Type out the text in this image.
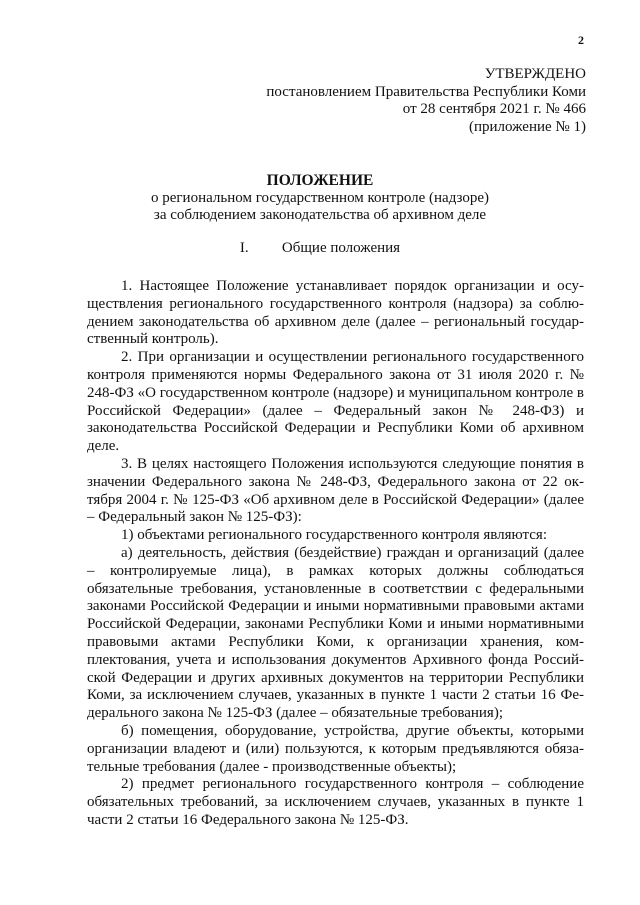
2
УТВЕРЖДЕНО
постановлением Правительства Республики Коми
от 28 сентября 2021 г. № 466
(приложение № 1)
ПОЛОЖЕНИЕ
о региональном государственном контроле (надзоре)
за соблюдением законодательства об архивном деле
I. Общие положения

1. Настоящее Положение устанавливает порядок организации и осуществления регионального государственного контроля (надзора) за соблюдением законодательства об архивном деле (далее – региональный государственный контроль).

2. При организации и осуществлении регионального государственного контроля применяются нормы Федерального закона от 31 июля 2020 г. № 248-ФЗ «О государственном контроле (надзоре) и муниципальном контроле в Российской Федерации» (далее – Федеральный закон № 248-ФЗ) и законодательства Российской Федерации и Республики Коми об архивном деле.

3. В целях настоящего Положения используются следующие понятия в значении Федерального закона № 248-ФЗ, Федерального закона от 22 октября 2004 г. № 125-ФЗ «Об архивном деле в Российской Федерации» (далее – Федеральный закон № 125-ФЗ):

1) объектами регионального государственного контроля являются:

а) деятельность, действия (бездействие) граждан и организаций (далее – контролируемые лица), в рамках которых должны соблюдаться обязательные требования, установленные в соответствии с федеральными законами Российской Федерации и иными нормативными правовыми актами Российской Федерации, законами Республики Коми и иными нормативными правовыми актами Республики Коми, к организации хранения, комплектования, учета и использования документов Архивного фонда Российской Федерации и других архивных документов на территории Республики Коми, за исключением случаев, указанных в пункте 1 части 2 статьи 16 Федерального закона № 125-ФЗ (далее – обязательные требования);

б) помещения, оборудование, устройства, другие объекты, которыми организации владеют и (или) пользуются, к которым предъявляются обязательные требования (далее - производственные объекты);

2) предмет регионального государственного контроля – соблюдение обязательных требований, за исключением случаев, указанных в пункте 1 части 2 статьи 16 Федерального закона № 125-ФЗ.
